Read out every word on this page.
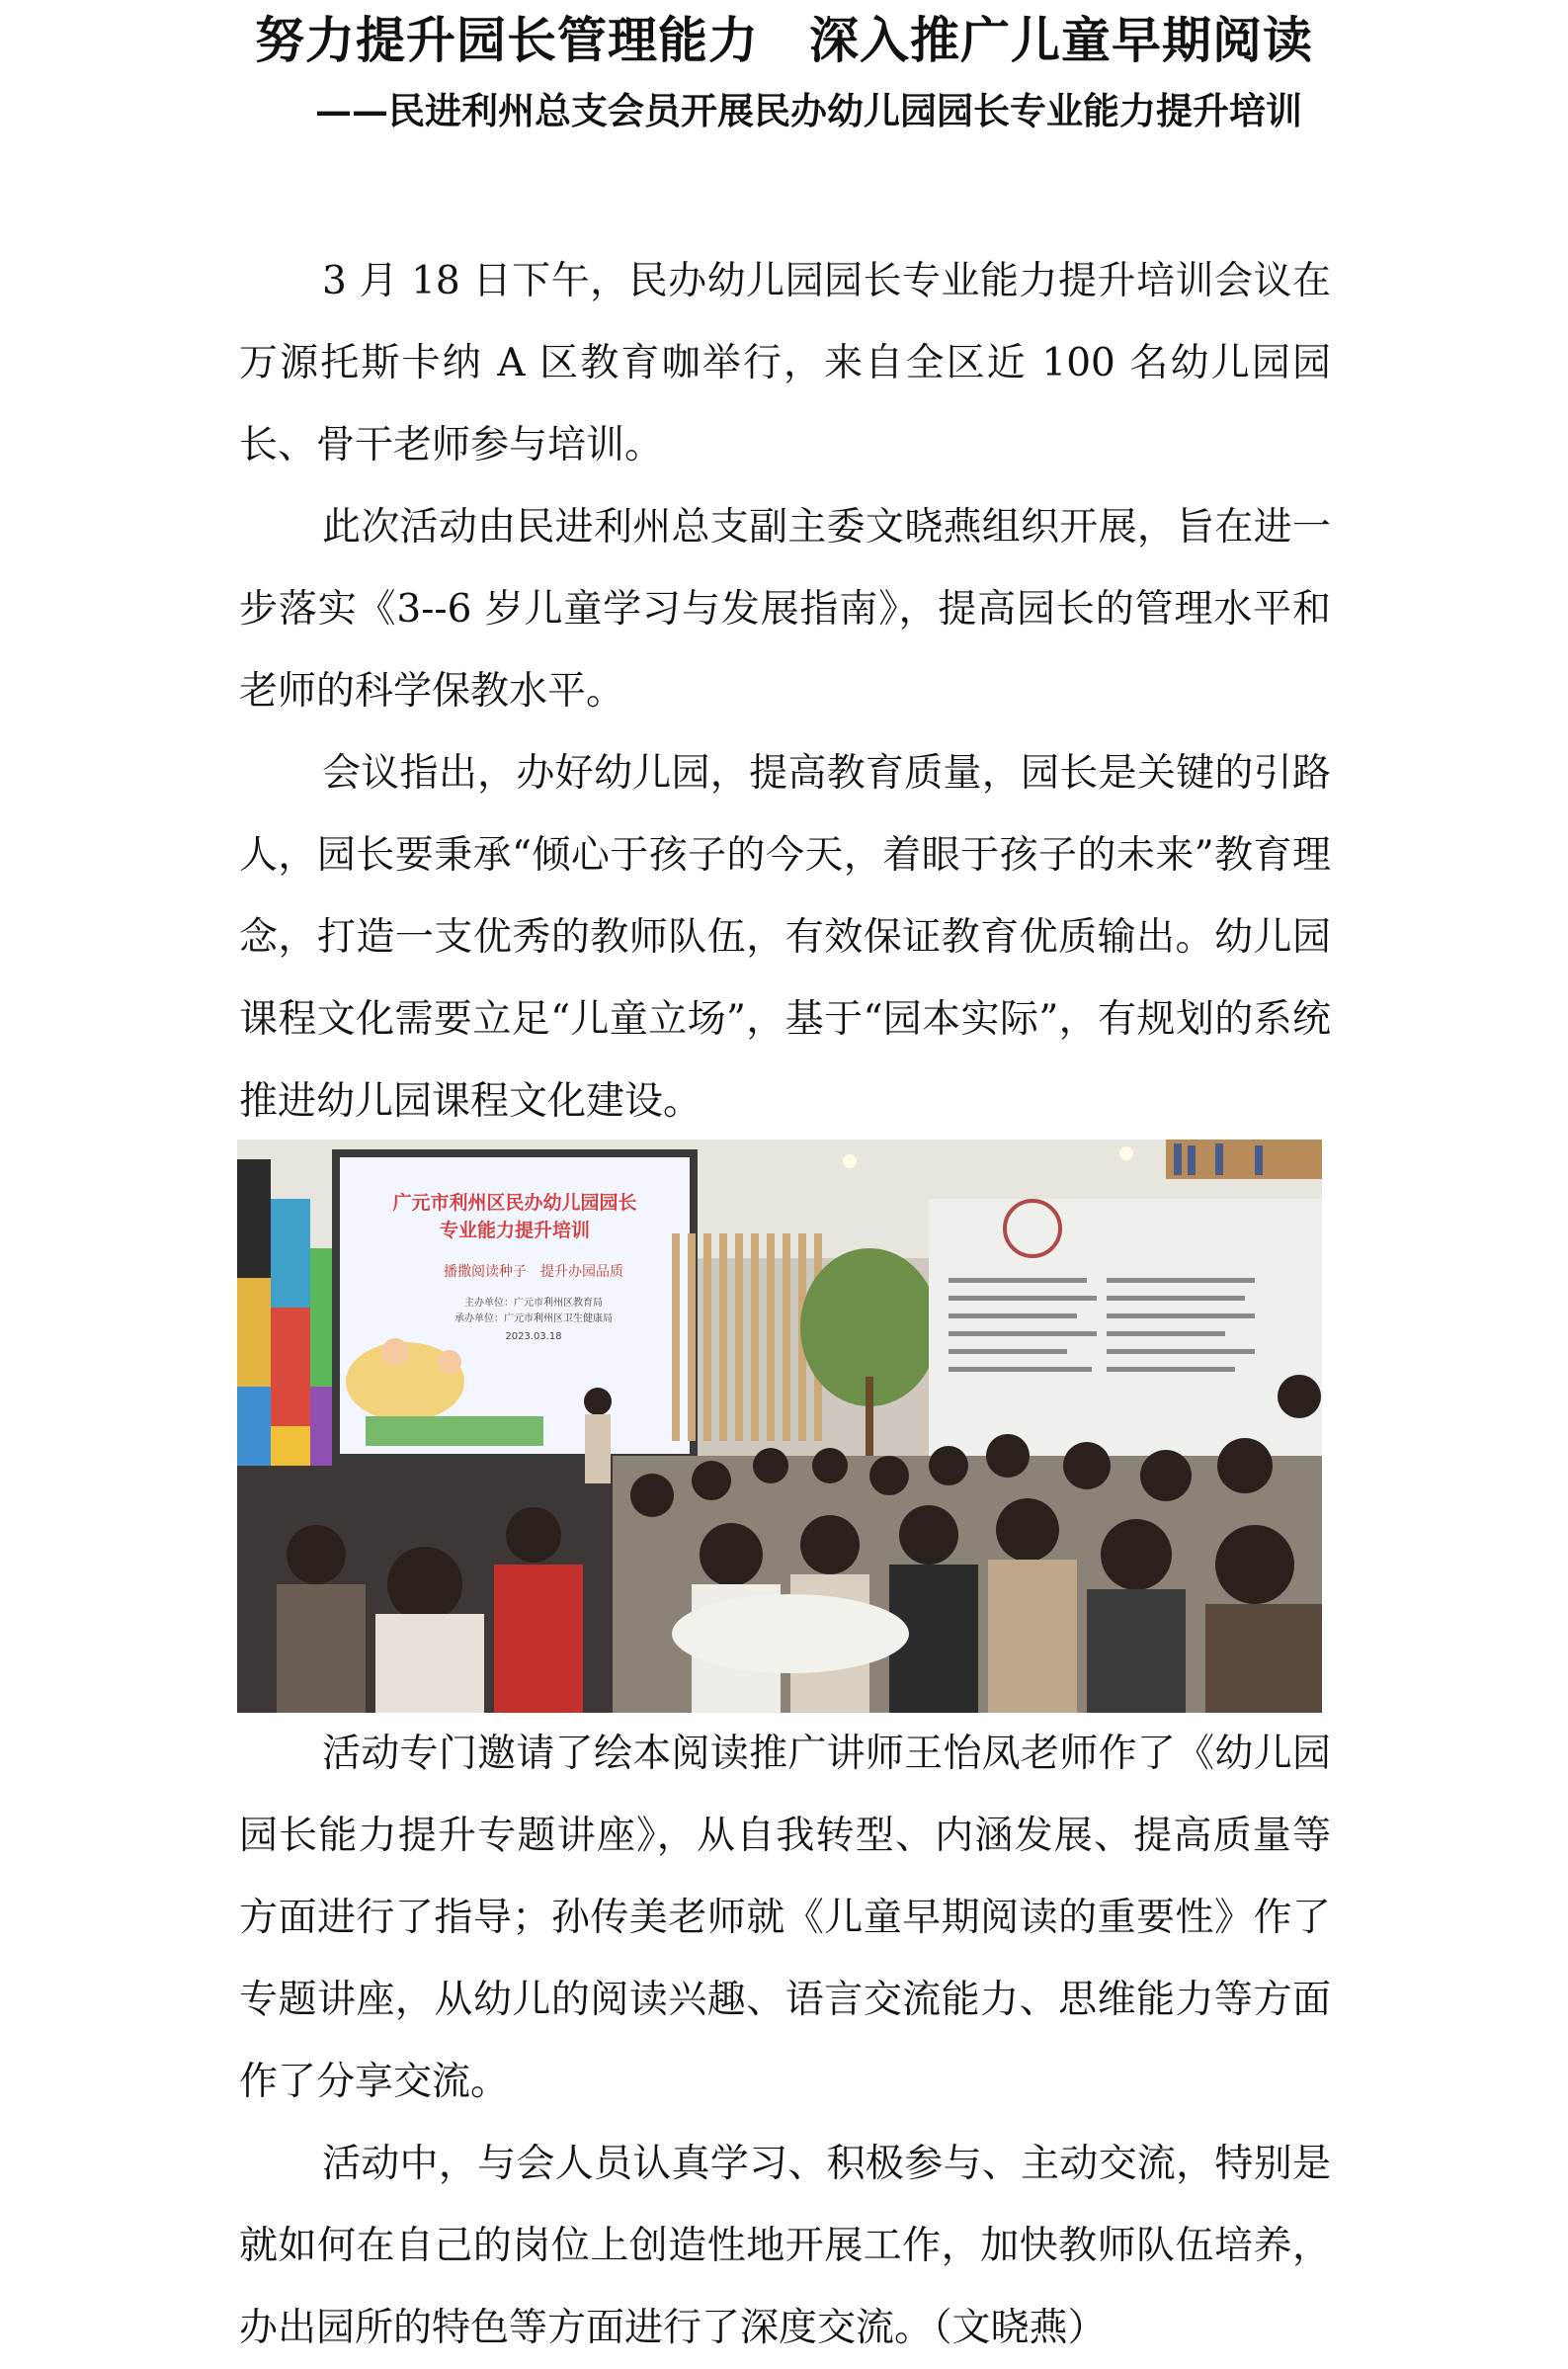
努力提升园长管理能力　深入推广儿童早期阅读
——民进利州总支会员开展民办幼儿园园长专业能力提升培训

3 月 18 日下午，民办幼儿园园长专业能力提升培训会议在万源托斯卡纳 A 区教育咖举行，来自全区近 100 名幼儿园园长、骨干老师参与培训。

此次活动由民进利州总支副主委文晓燕组织开展，旨在进一步落实《3--6 岁儿童学习与发展指南》，提高园长的管理水平和老师的科学保教水平。

会议指出，办好幼儿园，提高教育质量，园长是关键的引路人，园长要秉承“倾心于孩子的今天，着眼于孩子的未来”教育理念，打造一支优秀的教师队伍，有效保证教育优质输出。幼儿园课程文化需要立足“儿童立场”，基于“园本实际”，有规划的系统推进幼儿园课程文化建设。

广元市利州区民办幼儿园园长
专业能力提升培训
播撒阅读种子　提升办园品质
主办单位：广元市利州区教育局
承办单位：广元市利州区卫生健康局
2023.03.18

活动专门邀请了绘本阅读推广讲师王怡凤老师作了《幼儿园园长能力提升专题讲座》，从自我转型、内涵发展、提高质量等方面进行了指导；孙传美老师就《儿童早期阅读的重要性》作了专题讲座，从幼儿的阅读兴趣、语言交流能力、思维能力等方面作了分享交流。

活动中，与会人员认真学习、积极参与、主动交流，特别是就如何在自己的岗位上创造性地开展工作，加快教师队伍培养，办出园所的特色等方面进行了深度交流。（文晓燕）
